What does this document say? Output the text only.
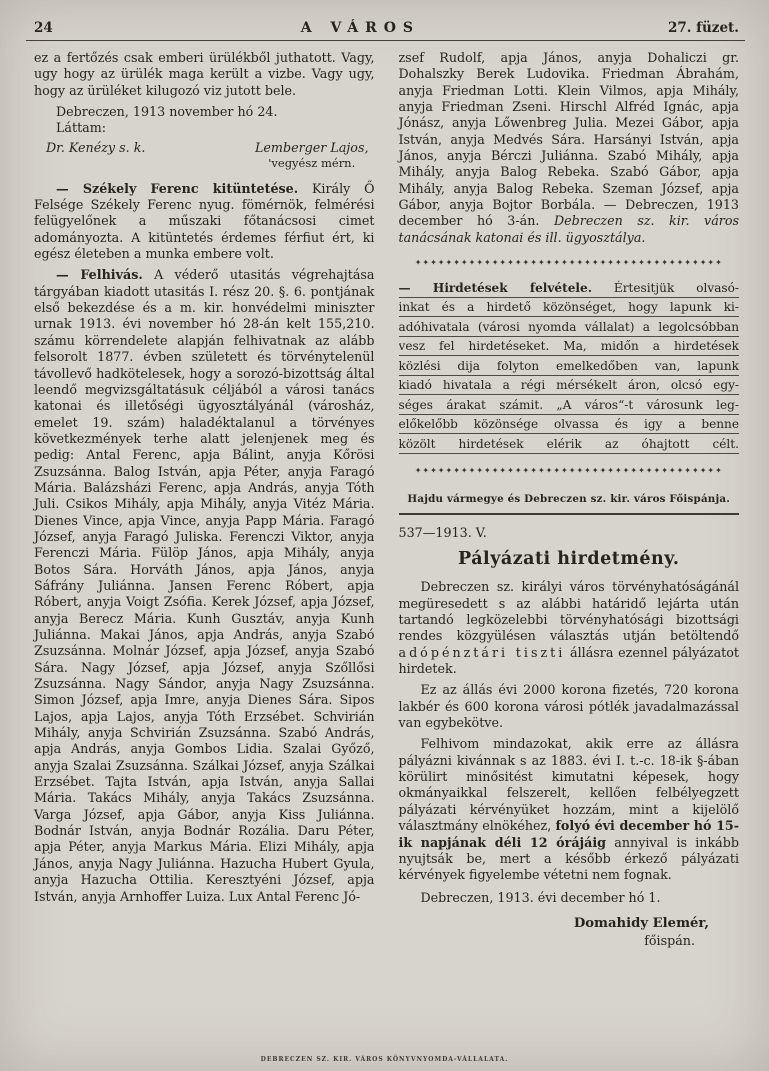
24	A VÁROS	27. füzet.

ez a fertőzés csak emberi ürülékből juthatott. Vagy, ugy hogy az ürülék maga került a vizbe. Vagy ugy, hogy az ürüléket kilugozó viz jutott bele.

Debreczen, 1913 november hó 24.

Láttam:

Dr. Kenézy s. k.	Lemberger Lajos,
'vegyész mérn.

— Székely Ferenc kitüntetése. Király Ő Felsége Székely Ferenc nyug. fömérnök, felmérési felügyelőnek a műszaki főtanácsosi cimet adományozta. A kitüntetés érdemes férfiut ért, ki egész életeben a munka embere volt.

— Felhivás. A véderő utasitás végrehajtása tárgyában kiadott utasitás I. rész 20. §. 6. pontjának első bekezdése és a m. kir. honvédelmi miniszter urnak 1913. évi november hó 28-án kelt 155,210. számu körrendelete alapján felhivatnak az alább felsorolt 1877. évben született és törvénytelenül távollevő hadkötelesek, hogy a sorozó-bizottság által leendő megvizsgáltatásuk céljából a városi tanács katonai és illetőségi ügyosztályánál (városház, emelet 19. szám) haladéktalanul a törvényes következmények terhe alatt jelenjenek meg és pedig: Antal Ferenc, apja Bálint, anyja Kőrösi Zsuzsánna. Balog István, apja Péter, anyja Faragó Mária. Balázsházi Ferenc, apja András, anyja Tóth Juli. Csikos Mihály, apja Mihály, anyja Vitéz Mária. Dienes Vince, apja Vince, anyja Papp Mária. Faragó József, anyja Faragó Juliska. Ferenczi Viktor, anyja Ferenczi Mária. Fülöp János, apja Mihály, anyja Botos Sára. Horváth János, apja János, anyja Sáfrány Juliánna. Jansen Ferenc Róbert, apja Róbert, anyja Voigt Zsófia. Kerek József, apja József, anyja Berecz Mária. Kunh Gusztáv, anyja Kunh Juliánna. Makai János, apja András, anyja Szabó Zsuzsánna. Molnár József, apja József, anyja Szabó Sára. Nagy József, apja József, anyja Szőllősi Zsuzsánna. Nagy Sándor, anyja Nagy Zsuzsánna. Simon József, apja Imre, anyja Dienes Sára. Sipos Lajos, apja Lajos, anyja Tóth Erzsébet. Schvirián Mihály, anyja Schvirián Zsuzsánna. Szabó András, apja András, anyja Gombos Lidia. Szalai Győző, anyja Szalai Zsuzsánna. Szálkai József, anyja Szálkai Erzsébet. Tajta István, apja István, anyja Sallai Mária. Takács Mihály, anyja Takács Zsuzsánna. Varga József, apja Gábor, anyja Kiss Juliánna. Bodnár István, anyja Bodnár Rozália. Daru Péter, apja Péter, anyja Markus Mária. Elizi Mihály, apja János, anyja Nagy Juliánna. Hazucha Hubert Gyula, anyja Hazucha Ottilia. Keresztyéni József, apja István, anyja Arnhoffer Luiza. Lux Antal Ferenc Jó-

zsef Rudolf, apja János, anyja Dohaliczi gr. Dohalszky Berek Ludovika. Friedman Ábrahám, anyja Friedman Lotti. Klein Vilmos, apja Mihály, anyja Friedman Zseni. Hirschl Alfréd Ignác, apja Jónász, anyja Lőwenbreg Julia. Mezei Gábor, apja István, anyja Medvés Sára. Harsányi István, apja János, anyja Bérczi Juliánna. Szabó Mihály, apja Mihály, anyja Balog Rebeka. Szabó Gábor, apja Mihály, anyja Balog Rebeka. Szeman József, apja Gábor, anyja Bojtor Borbála. — Debreczen, 1913 december hó 3-án. Debreczen sz. kir. város tanácsának katonai és ill. ügyosztálya.

✦✦✦✦✦✦✦✦✦✦✦✦✦✦✦✦✦✦✦✦✦✦✦✦✦✦✦✦✦✦✦✦✦✦✦✦✦✦✦✦
— Hirdetések felvétele. Értesitjük olvasó-
inkat és a hirdető közönséget, hogy lapunk ki-
adóhivatala (városi nyomda vállalat) a legolcsóbban
vesz fel hirdetéseket. Ma, midőn a hirdetések
közlési dija folyton emelkedőben van, lapunk
kiadó hivatala a régi mérsékelt áron, olcsó egy-
séges árakat számit. „A város“-t városunk leg-
előkelőbb közönsége olvassa és igy a benne
közölt hirdetések elérik az óhajtott célt.
✦✦✦✦✦✦✦✦✦✦✦✦✦✦✦✦✦✦✦✦✦✦✦✦✦✦✦✦✦✦✦✦✦✦✦✦✦✦✦✦
Hajdu vármegye és Debreczen sz. kir. város Főispánja.

537—1913. V.

Pályázati hirdetmény.

Debreczen sz. királyi város törvényhatóságánál megüresedett s az alábbi határidő lejárta után tartandó legközelebbi törvényhatósági bizottsági rendes közgyülésen választás utján betöltendő adópénztári tiszti állásra ezennel pályázatot hirdetek.

Ez az állás évi 2000 korona fizetés, 720 korona lakbér és 600 korona városi pótlék javadalmazással van egybekötve.

Felhivom mindazokat, akik erre az állásra pályázni kivánnak s az 1883. évi I. t.-c. 18-ik §-ában körülirt minősitést kimutatni képesek, hogy okmányaikkal felszerelt, kellően felbélyegzett pályázati kérvényüket hozzám, mint a kijelölő választmány elnökéhez, folyó évi december hó 15-ik napjának déli 12 órájáig annyival is inkább nyujtsák be, mert a később érkező pályázati kérvények figyelembe vétetni nem fognak.

Debreczen, 1913. évi december hó 1.

Domahidy Elemér,
főispán.
DEBRECZEN SZ. KIR. VÁROS KÖNYVNYOMDA-VÁLLALATA.
